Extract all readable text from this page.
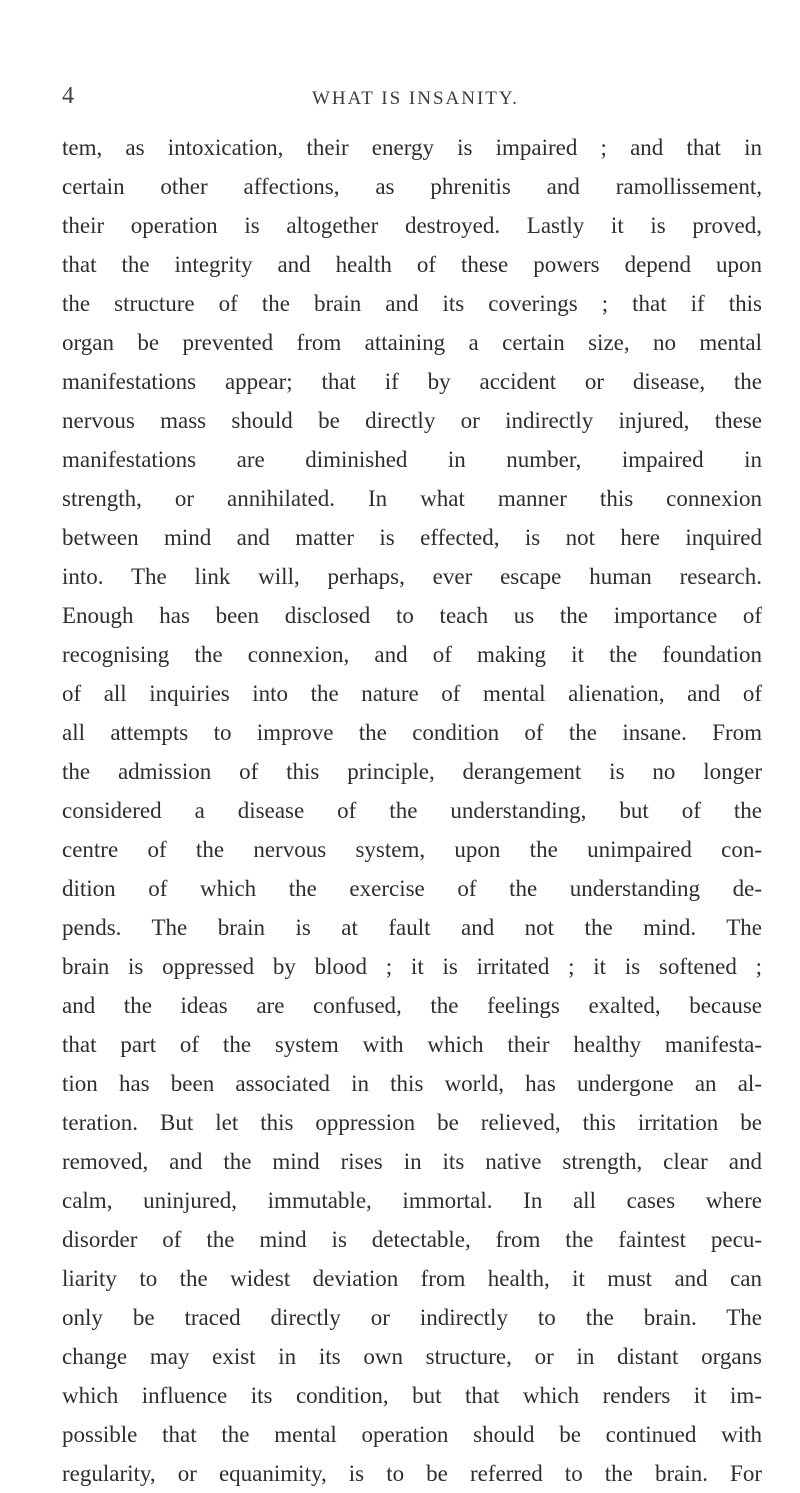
4	WHAT IS INSANITY.
tem, as intoxication, their energy is impaired ; and that in
certain other affections, as phrenitis and ramollissement,
their operation is altogether destroyed. Lastly it is proved,
that the integrity and health of these powers depend upon
the structure of the brain and its coverings ; that if this
organ be prevented from attaining a certain size, no mental
manifestations appear; that if by accident or disease, the
nervous mass should be directly or indirectly injured, these
manifestations are diminished in number, impaired in
strength, or annihilated. In what manner this connexion
between mind and matter is effected, is not here inquired
into. The link will, perhaps, ever escape human research.
Enough has been disclosed to teach us the importance of
recognising the connexion, and of making it the foundation
of all inquiries into the nature of mental alienation, and of
all attempts to improve the condition of the insane. From
the admission of this principle, derangement is no longer
considered a disease of the understanding, but of the
centre of the nervous system, upon the unimpaired con-
dition of which the exercise of the understanding de-
pends. The brain is at fault and not the mind. The
brain is oppressed by blood ; it is irritated ; it is softened ;
and the ideas are confused, the feelings exalted, because
that part of the system with which their healthy manifesta-
tion has been associated in this world, has undergone an al-
teration. But let this oppression be relieved, this irritation be
removed, and the mind rises in its native strength, clear and
calm, uninjured, immutable, immortal. In all cases where
disorder of the mind is detectable, from the faintest pecu-
liarity to the widest deviation from health, it must and can
only be traced directly or indirectly to the brain. The
change may exist in its own structure, or in distant organs
which influence its condition, but that which renders it im-
possible that the mental operation should be continued with
regularity, or equanimity, is to be referred to the brain. For
